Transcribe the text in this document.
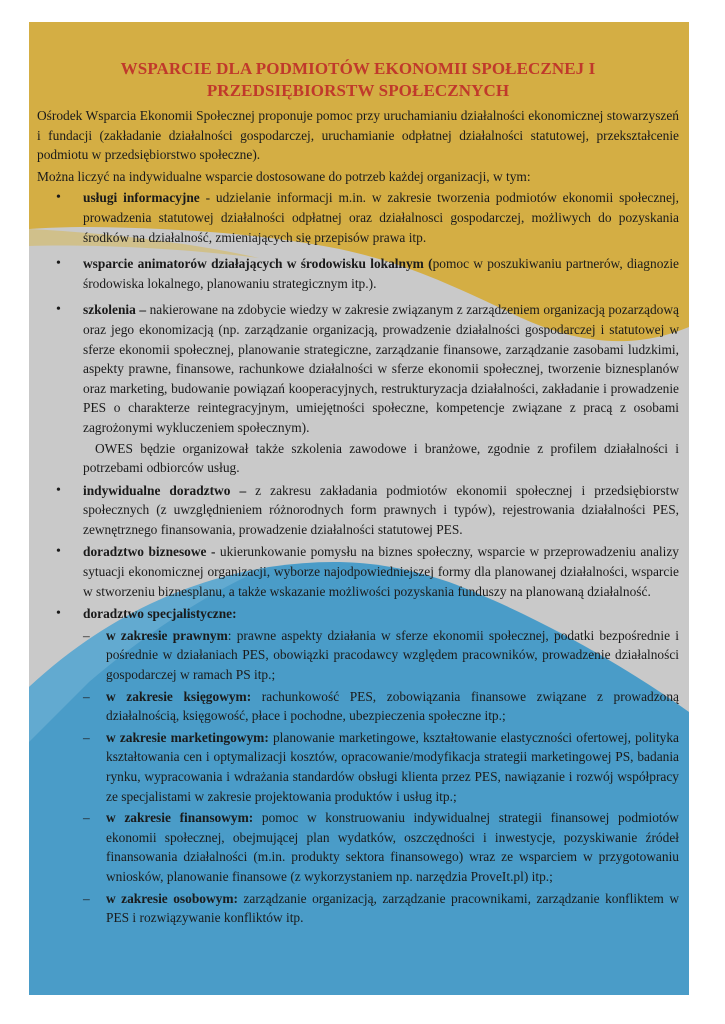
WSPARCIE DLA PODMIOTÓW EKONOMII SPOŁECZNEJ I PRZEDSIĘBIORSTW SPOŁECZNYCH

Ośrodek Wsparcia Ekonomii Społecznej proponuje pomoc przy uruchamianiu działalności ekonomicznej stowarzyszeń i fundacji (zakładanie działalności gospodarczej, uruchamianie odpłatnej działalności statutowej, przekształcenie podmiotu w przedsiębiorstwo społeczne).

Można liczyć na indywidualne wsparcie dostosowane do potrzeb każdej organizacji, w tym:

• usługi informacyjne - udzielanie informacji m.in. w zakresie tworzenia podmiotów ekonomii społecznej, prowadzenia statutowej działalności odpłatnej oraz działalnosci gospodarczej, możliwych do pozyskania środków na działalność, zmieniających się przepisów prawa itp.
• wsparcie animatorów działających w środowisku lokalnym (pomoc w poszukiwaniu partnerów, diagnozie środowiska lokalnego, planowaniu strategicznym itp.).
• szkolenia – nakierowane na zdobycie wiedzy w zakresie związanym z zarządzeniem organizacją pozarządową oraz jego ekonomizacją (np. zarządzanie organizacją, prowadzenie działalności gospodarczej i statutowej w sferze ekonomii społecznej, planowanie strategiczne, zarządzanie finansowe, zarządzanie zasobami ludzkimi, aspekty prawne, finansowe, rachunkowe działalności w sferze ekonomii społecznej, tworzenie biznesplanów oraz marketing, budowanie powiązań kooperacyjnych, restrukturyzacja działalności, zakładanie i prowadzenie PES o charakterze reintegracyjnym, umiejętności społeczne, kompetencje związane z pracą z osobami zagrożonymi wykluczeniem społecznym).
OWES będzie organizował także szkolenia zawodowe i branżowe, zgodnie z profilem działalności i potrzebami odbiorców usług.
• indywidualne doradztwo – z zakresu zakładania podmiotów ekonomii społecznej i przedsiębiorstw społecznych (z uwzględnieniem różnorodnych form prawnych i typów), rejestrowania działalności PES, zewnętrznego finansowania, prowadzenie działalności statutowej PES.
• doradztwo biznesowe - ukierunkowanie pomysłu na biznes społeczny, wsparcie w przeprowadzeniu analizy sytuacji ekonomicznej organizacji, wyborze najodpowiedniejszej formy dla planowanej działalności, wsparcie w stworzeniu biznesplanu, a także wskazanie możliwości pozyskania funduszy na planowaną działalność.
• doradztwo specjalistyczne:
– w zakresie prawnym: prawne aspekty działania w sferze ekonomii społecznej, podatki bezpośrednie i pośrednie w działaniach PES, obowiązki pracodawcy względem pracowników, prowadzenie działalności gospodarczej w ramach PS itp.;
– w zakresie księgowym: rachunkowość PES, zobowiązania finansowe związane z prowadzoną działalnością, księgowość, płace i pochodne, ubezpieczenia społeczne itp.;
– w zakresie marketingowym: planowanie marketingowe, kształtowanie elastyczności ofertowej, polityka kształtowania cen i optymalizacji kosztów, opracowanie/modyfikacja strategii marketingowej PS, badania rynku, wypracowania i wdrażania standardów obsługi klienta przez PES, nawiązanie i rozwój współpracy ze specjalistami w zakresie projektowania produktów i usług itp.;
– w zakresie finansowym: pomoc w konstruowaniu indywidualnej strategii finansowej podmiotów ekonomii społecznej, obejmującej plan wydatków, oszczędności i inwestycje, pozyskiwanie źródeł finansowania działalności (m.in. produkty sektora finansowego) wraz ze wsparciem w przygotowaniu wniosków, planowanie finansowe (z wykorzystaniem np. narzędzia ProveIt.pl) itp.;
– w zakresie osobowym: zarządzanie organizacją, zarządzanie pracownikami, zarządzanie konfliktem w PES i rozwiązywanie konfliktów itp.
